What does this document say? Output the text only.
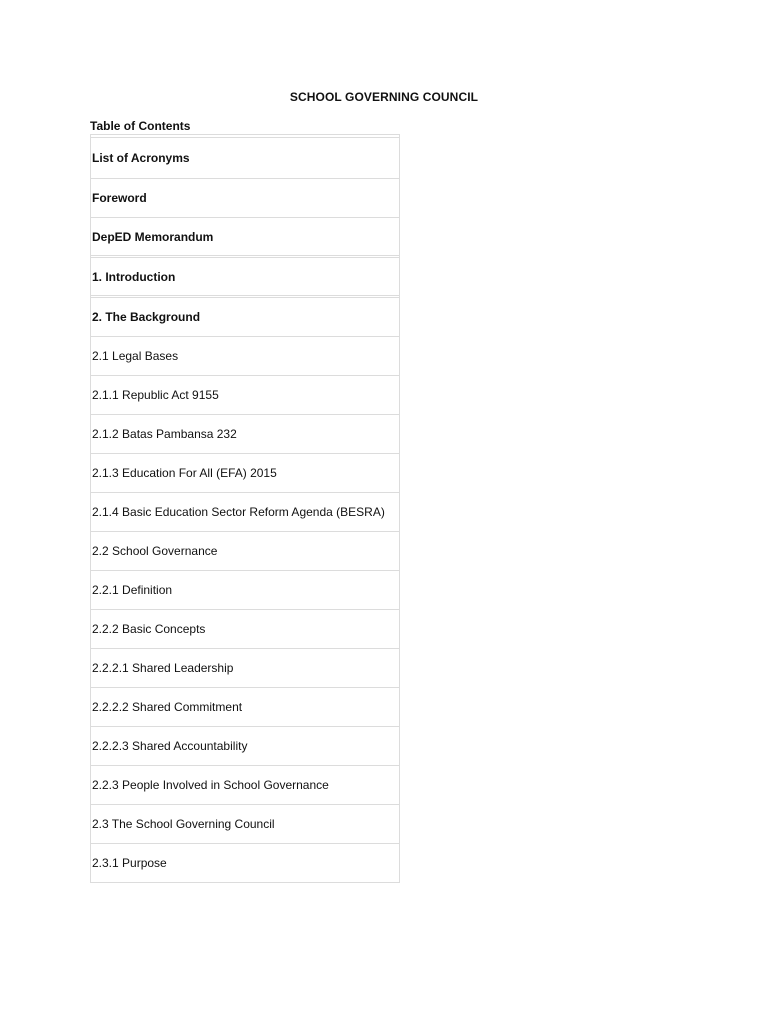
SCHOOL GOVERNING COUNCIL
Table of Contents
List of Acronyms
Foreword
DepED Memorandum
1. Introduction
2. The Background
2.1 Legal Bases
2.1.1 Republic Act 9155
2.1.2 Batas Pambansa 232
2.1.3 Education For All (EFA) 2015
2.1.4 Basic Education Sector Reform Agenda (BESRA)
2.2 School Governance
2.2.1 Definition
2.2.2 Basic Concepts
2.2.2.1 Shared Leadership
2.2.2.2 Shared Commitment
2.2.2.3 Shared Accountability
2.2.3 People Involved in School Governance
2.3 The School Governing Council
2.3.1 Purpose
